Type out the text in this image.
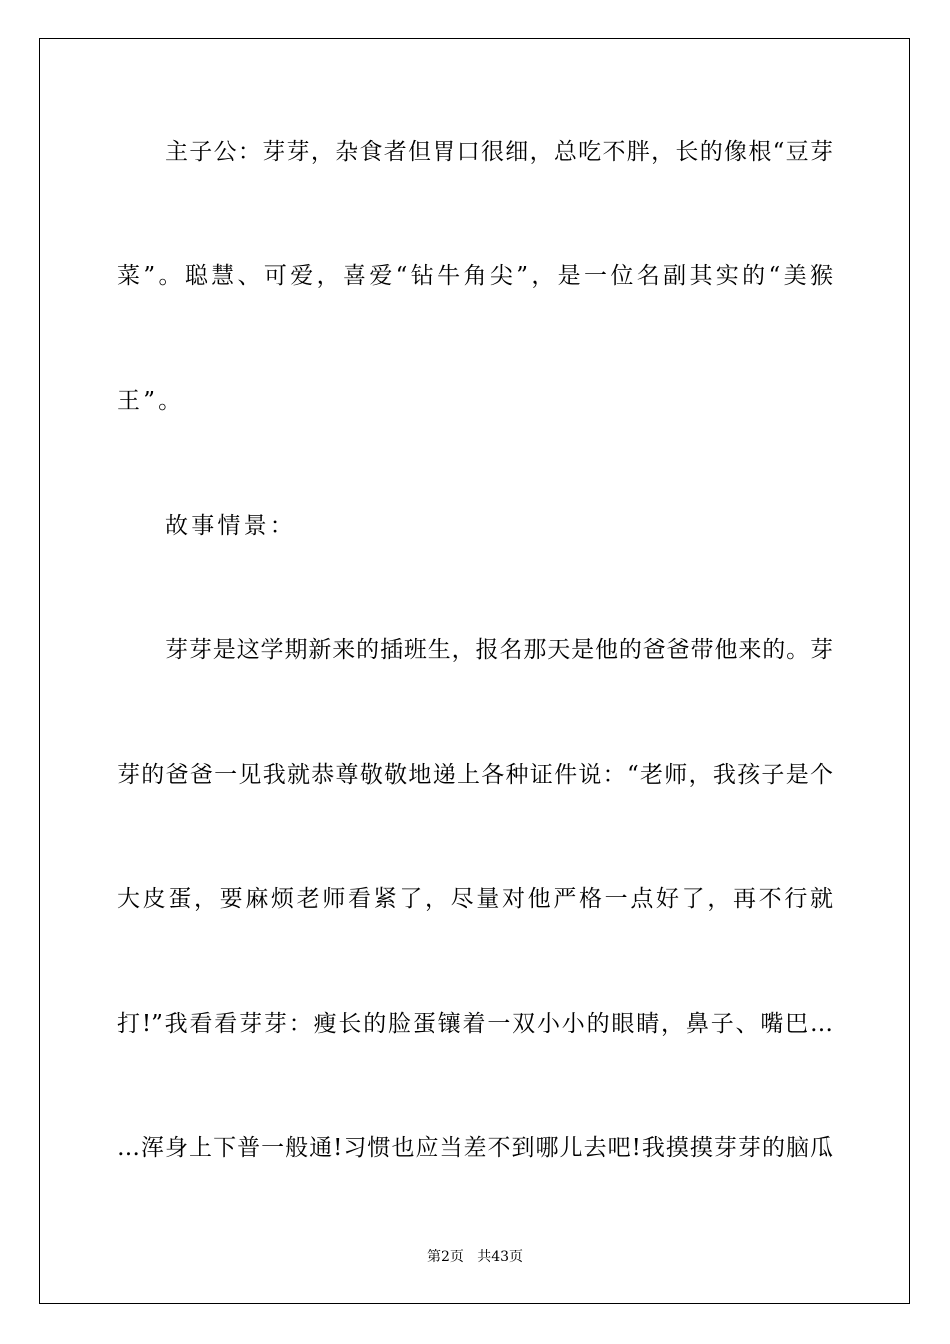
主子公：芽芽，杂食者但胃口很细，总吃不胖，长的像根“豆芽
菜”。聪慧、可爱，喜爱“钻牛角尖”，是一位名副其实的“美猴
王”。
故事情景：
芽芽是这学期新来的插班生，报名那天是他的爸爸带他来的。芽
芽的爸爸一见我就恭尊敬敬地递上各种证件说：“老师，我孩子是个
大皮蛋，要麻烦老师看紧了，尽量对他严格一点好了，再不行就
打!”我看看芽芽：瘦长的脸蛋镶着一双小小的眼睛，鼻子、嘴巴…
…浑身上下普一般通!习惯也应当差不到哪儿去吧!我摸摸芽芽的脑瓜
第2页   共43页
